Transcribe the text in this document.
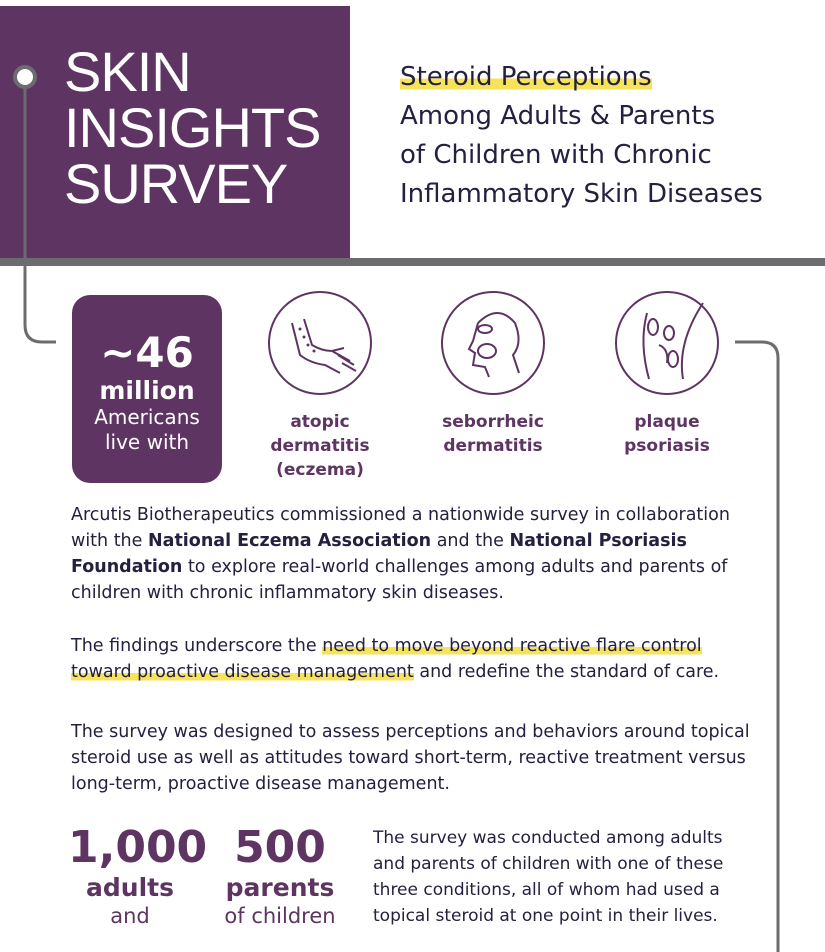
SKIN
INSIGHTS
SURVEY
Steroid Perceptions
Among Adults & Parents
of Children with Chronic
Inflammatory Skin Diseases
~46
million
Americans
live with
atopic
dermatitis
(eczema)
seborrheic
dermatitis
plaque
psoriasis
Arcutis Biotherapeutics commissioned a nationwide survey in collaboration with the National Eczema Association and the National Psoriasis Foundation to explore real-world challenges among adults and parents of children with chronic inflammatory skin diseases.
The findings underscore the need to move beyond reactive flare control toward proactive disease management and redefine the standard of care.
The survey was designed to assess perceptions and behaviors around topical steroid use as well as attitudes toward short-term, reactive treatment versus long-term, proactive disease management.
1,000
adults
and
500
parents
of children
The survey was conducted among adults and parents of children with one of these three conditions, all of whom had used a topical steroid at one point in their lives.
